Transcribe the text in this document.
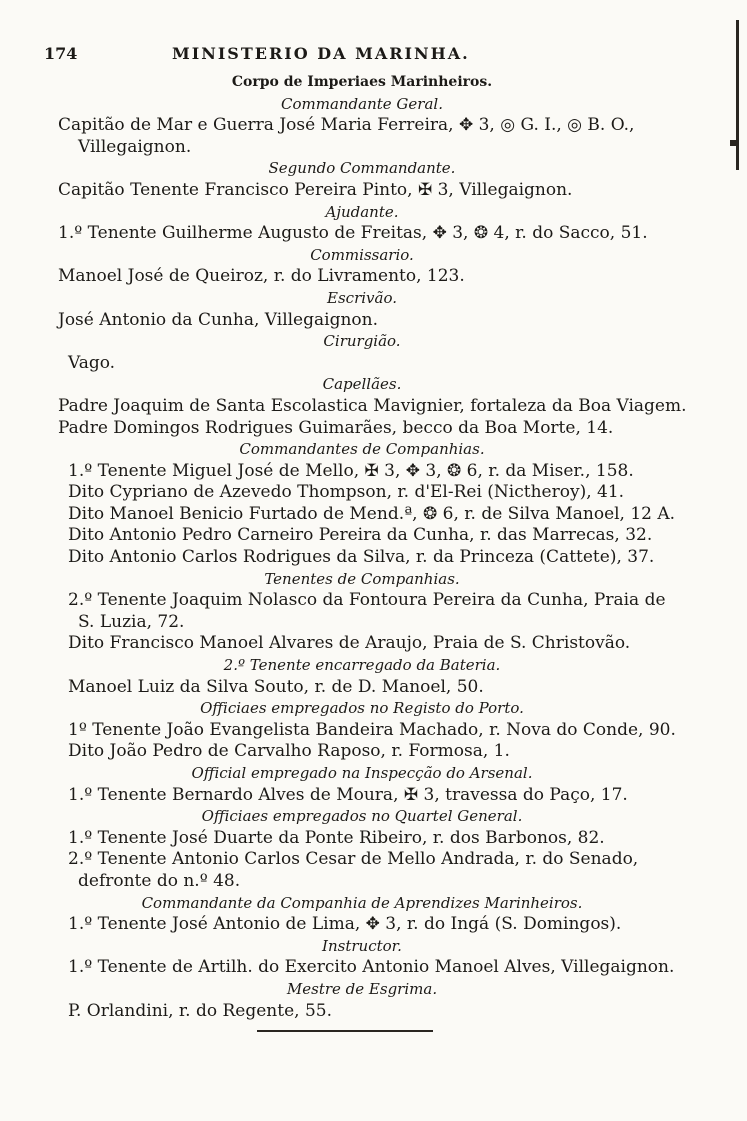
174	MINISTERIO DA MARINHA.
Corpo de Imperiaes Marinheiros.
Commandante Geral.
Capitão de Mar e Guerra José Maria Ferreira, ✥ 3, ◎ G. I., ◎ B. O.,
Villegaignon.
Segundo Commandante.
Capitão Tenente Francisco Pereira Pinto, ✠ 3, Villegaignon.
Ajudante.
1.º Tenente Guilherme Augusto de Freitas, ✥ 3, ❂ 4, r. do Sacco, 51.
Commissario.
Manoel José de Queiroz, r. do Livramento, 123.
Escrivão.
José Antonio da Cunha, Villegaignon.
Cirurgião.
Vago.
Capellães.
Padre Joaquim de Santa Escolastica Mavignier, fortaleza da Boa Viagem.
Padre Domingos Rodrigues Guimarães, becco da Boa Morte, 14.
Commandantes de Companhias.
1.º Tenente Miguel José de Mello, ✠ 3, ✥ 3, ❂ 6, r. da Miser., 158.
Dito Cypriano de Azevedo Thompson, r. d'El-Rei (Nictheroy), 41.
Dito Manoel Benicio Furtado de Mend.ª, ❂ 6, r. de Silva Manoel, 12 A.
Dito Antonio Pedro Carneiro Pereira da Cunha, r. das Marrecas, 32.
Dito Antonio Carlos Rodrigues da Silva, r. da Princeza (Cattete), 37.
Tenentes de Companhias.
2.º Tenente Joaquim Nolasco da Fontoura Pereira da Cunha, Praia de
S. Luzia, 72.
Dito Francisco Manoel Alvares de Araujo, Praia de S. Christovão.
2.º Tenente encarregado da Bateria.
Manoel Luiz da Silva Souto, r. de D. Manoel, 50.
Officiaes empregados no Registo do Porto.
1º Tenente João Evangelista Bandeira Machado, r. Nova do Conde, 90.
Dito João Pedro de Carvalho Raposo, r. Formosa, 1.
Official empregado na Inspecção do Arsenal.
1.º Tenente Bernardo Alves de Moura, ✠ 3, travessa do Paço, 17.
Officiaes empregados no Quartel General.
1.º Tenente José Duarte da Ponte Ribeiro, r. dos Barbonos, 82.
2.º Tenente Antonio Carlos Cesar de Mello Andrada, r. do Senado,
defronte do n.º 48.
Commandante da Companhia de Aprendizes Marinheiros.
1.º Tenente José Antonio de Lima, ✥ 3, r. do Ingá (S. Domingos).
Instructor.
1.º Tenente de Artilh. do Exercito Antonio Manoel Alves, Villegaignon.
Mestre de Esgrima.
P. Orlandini, r. do Regente, 55.
